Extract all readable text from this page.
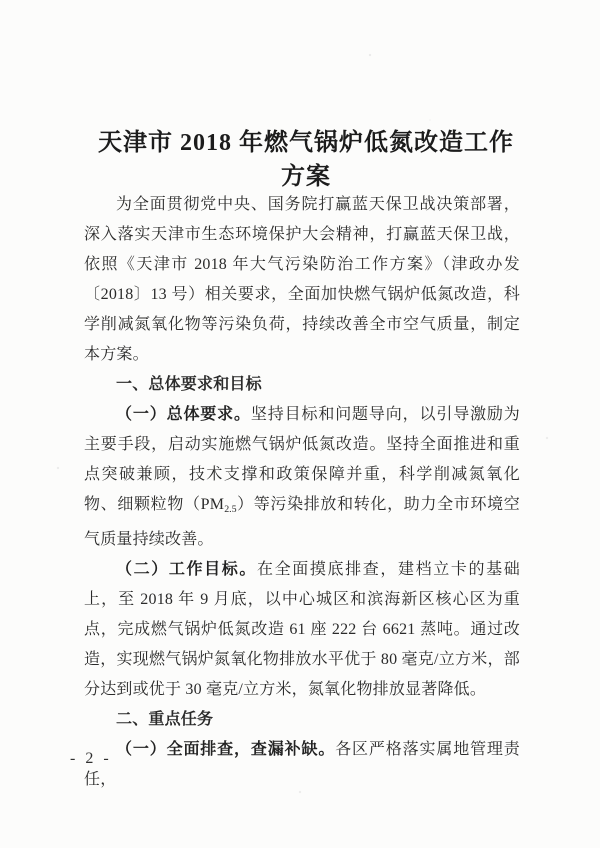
天津市 2018 年燃气锅炉低氮改造工作方案

为全面贯彻党中央、国务院打赢蓝天保卫战决策部署，深入落实天津市生态环境保护大会精神，打赢蓝天保卫战，依照《天津市 2018 年大气污染防治工作方案》（津政办发〔2018〕13 号）相关要求，全面加快燃气锅炉低氮改造，科学削减氮氧化物等污染负荷，持续改善全市空气质量，制定本方案。

一、总体要求和目标

（一）总体要求。坚持目标和问题导向，以引导激励为主要手段，启动实施燃气锅炉低氮改造。坚持全面推进和重点突破兼顾，技术支撑和政策保障并重，科学削减氮氧化物、细颗粒物$(PM_{2.5})$等污染排放和转化，助力全市环境空气质量持续改善。

（二）工作目标。在全面摸底排查，建档立卡的基础上，至 2018 年 9 月底，以中心城区和滨海新区核心区为重点，完成燃气锅炉低氮改造 61 座 222 台 6621 蒸吨。通过改造，实现燃气锅炉氮氧化物排放水平优于 80 毫克/立方米，部分达到或优于 30 毫克/立方米，氮氧化物排放显著降低。

二、重点任务

（一）全面排查，查漏补缺。各区严格落实属地管理责任，

- 2 -
